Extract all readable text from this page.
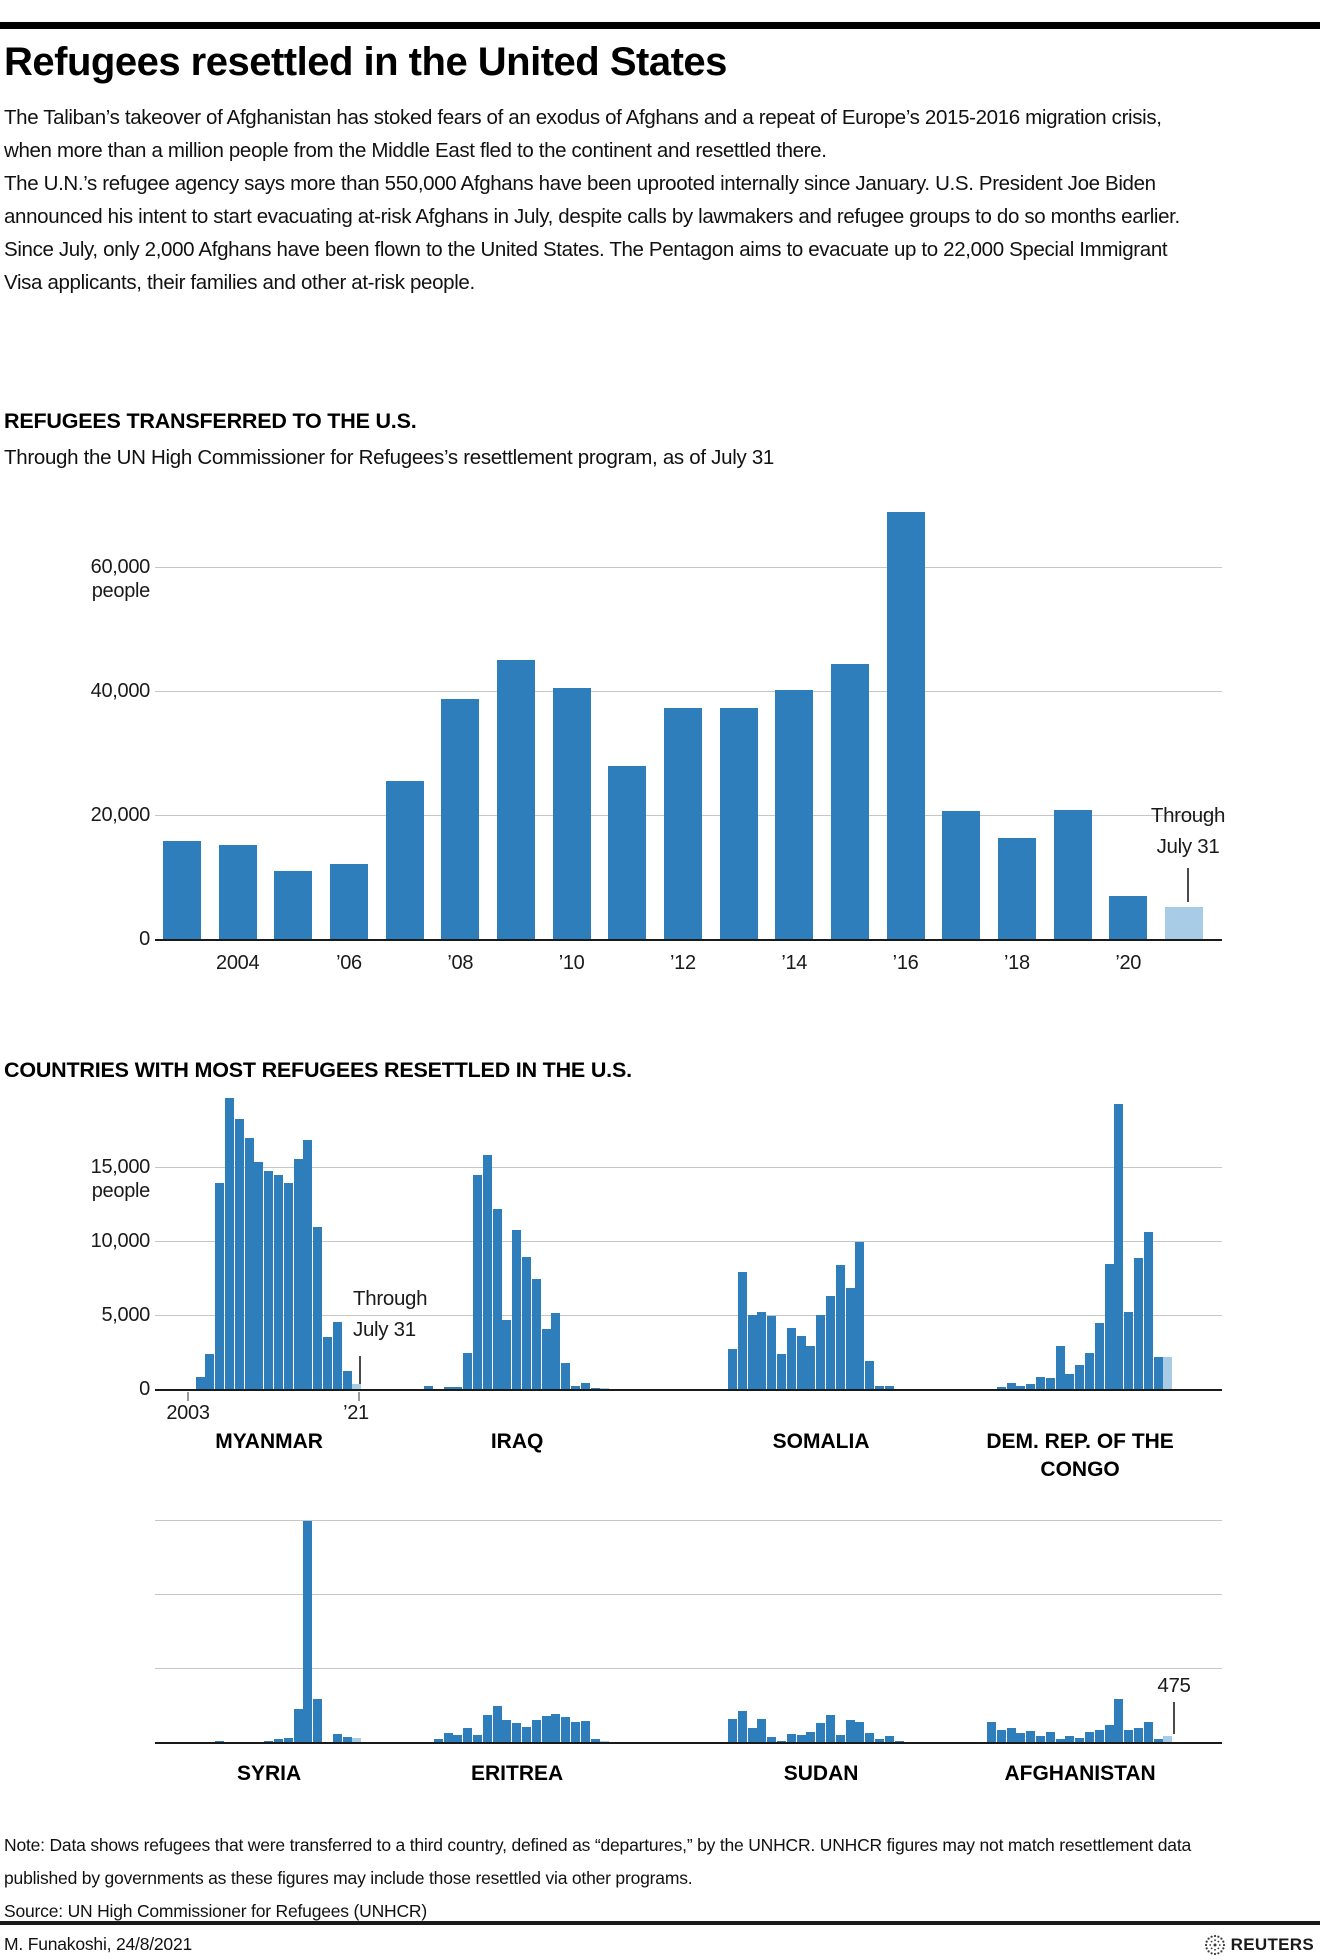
Refugees resettled in the United States

The Taliban’s takeover of Afghanistan has stoked fears of an exodus of Afghans and a repeat of Europe’s 2015-2016 migration crisis, when more than a million people from the Middle East fled to the continent and resettled there.

The U.N.’s refugee agency says more than 550,000 Afghans have been uprooted internally since January. U.S. President Joe Biden announced his intent to start evacuating at-risk Afghans in July, despite calls by lawmakers and refugee groups to do so months earlier. Since July, only 2,000 Afghans have been flown to the United States. The Pentagon aims to evacuate up to 22,000 Special Immigrant Visa applicants, their families and other at-risk people.

REFUGEES TRANSFERRED TO THE U.S.
Through the UN High Commissioner for Refugees’s resettlement program, as of July 31
0
20,000
40,000
60,000
people
2004	’06	’08	’10	’12	’14	’16	’18	’20
Through July 31
COUNTRIES WITH MOST REFUGEES RESETTLED IN THE U.S.
0
5,000
10,000
15,000
people
MYANMAR	IRAQ	SOMALIA	DEM. REP. OF THE CONGO
2003	’21
Through July 31
SYRIA	ERITREA	SUDAN	AFGHANISTAN
475
Note: Data shows refugees that were transferred to a third country, defined as “departures,” by the UNHCR. UNHCR figures may not match resettlement data published by governments as these figures may include those resettled via other programs.
Source: UN High Commissioner for Refugees (UNHCR)
M. Funakoshi, 24/8/2021	REUTERS
